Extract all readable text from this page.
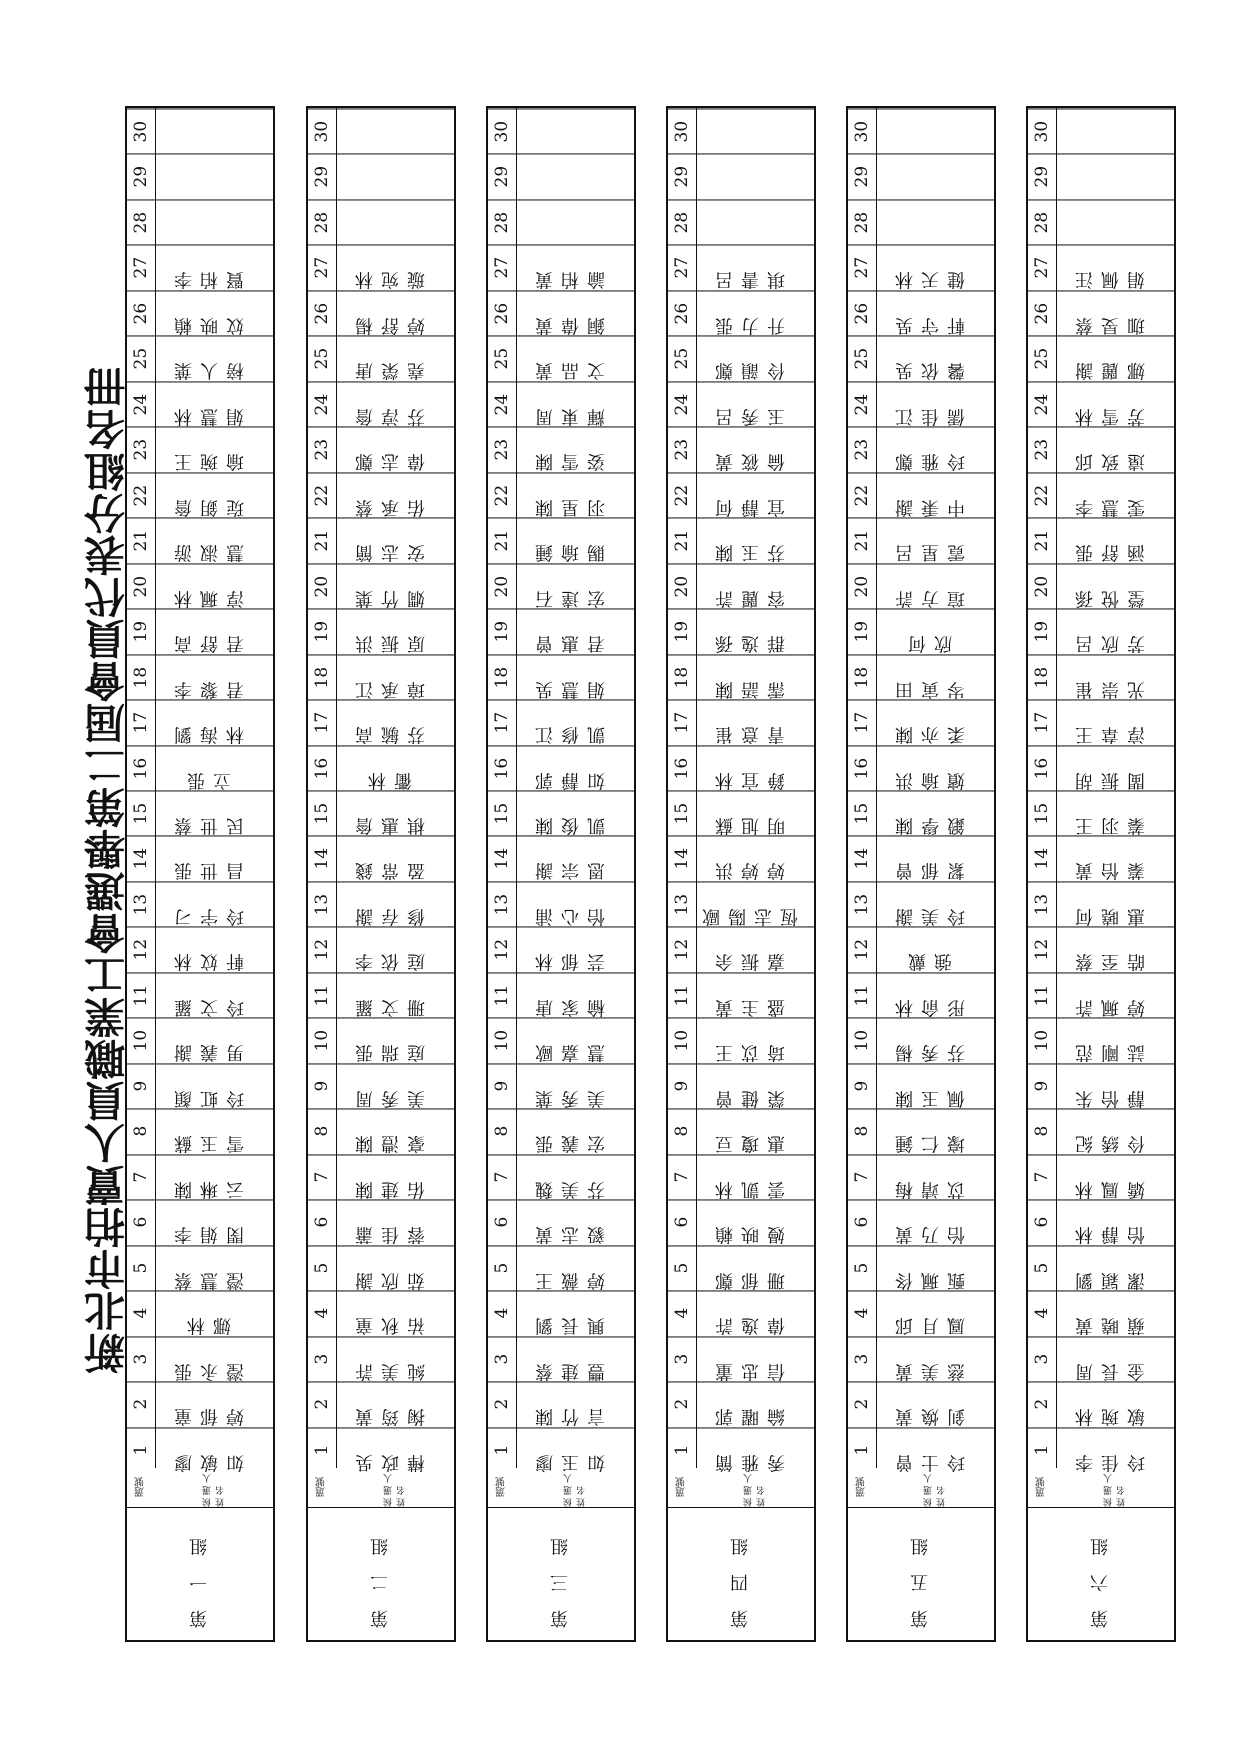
新北市拍賣人員職業工會選舉第二屆會員代表分組名冊
30
29
28
27	李柏賢
26	賴映妏
25	葉人榜
24	林慧娟
23	王琬瑜
22	詹鈅琁
21	游淑慧
20	林珮淳
19	高舒君
18	李黎君
17	劉海林
16	張立
15	蔡世民
14	張世昌
13	刁宇玲
12	林妏軒
11	羅文玲
10	謝義男
9	顏虹玲
8	蘇玉雪
7	陳琳云
6	李娟閔
5	蔡慧瀅
4	林娜
3	張永瀅
2	童郁婷
1	廖敏如
選號	候選人姓名
第一組
30
29
28
27	林宛璇
26	楊舒婷
25	唐榮堯
24	詹淳芬
23	鄭志偉
22	蔡承佑
21	簡志安
20	葉竹嫺
19	洪振原
18	江承璋
17	高毓芬
16	林衢
15	詹惠棋
14	錢常盈
13	謝存修
12	李依庭
11	羅文珊
10	張瑞庭
9	周秀美
8	陳澧豪
7	陳建佑
6	蕭佳蓉
5	謝欣茹
4	童秋祐
3	許美純
2	黃筠掬
1	吳政樺
選號	候選人姓名
第二組
30
29
28
27	黃柏諭
26	黃偉銅
25	黃品文
24	周東輝
23	陳雪姿
22	陳星羽
21	鍾瑜賜
20	石達宏
19	曾惠君
18	吳慧娟
17	江修凱
16	郭靜如
15	陳俊凱
14	謝宗恩
13	浦心怡
12	林郁芸
11	唐家榆
10	歐嘉慧
9	葉秀美
8	張義宏
7	魏美芬
6	黃志毅
5	王薇婷
4	劉長興
3	蔡建豐
2	陳竹言
1	廖玉如
選號	候選人姓名
第三組
30
29
28
27	呂書琪
26	張力升
25	鄭韻伶
24	呂秀玉
23	黃筱倫
22	何靜宜
21	陳玉芬
20	許麗容
19	孫逸群
18	陳語霈
17	崔意青
16	林宜錚
15	蘇旭明
14	洪婷婷
13 歐陽志恆
12	余振嘉
11	黃主盛
10	王苡琦
9	曾健榮
8	豆瓊惠
7	林凱雲
6	賴映嫚
5	鄭郁珊
4	許逸偉
3	董忠信
2	郭曜綸
1	簡雅秀
選號	候選人姓名
第四組
30
29
28
27	林天健
26	吳守軒
25	吳依馨
24	江佳儒
23	鄭雅玲
22	謝秉中
21	呂星霓
20	許方瑄
19	何欣
18	田寅岑
17	陳亦柔
16	洪瑜嬪
15	陳學鍛
14	曾郁絜
13	謝美玲
12	戴強
11	林俞彤
10	楊秀芬
9	陳玉佩
8	鍾仁壕
7	梅靖苡
6	黃乃怡
5	佟珮甄
4	邱月鳳
3	黃美慈
2	黃煥釗
1	曾士玲
選號	候選人姓名
第五組
30
29
28
27	汪佩娟
26	蔡旻珈
25	謝麗娜
24	林雪芳
23	邱致遠
22	李慧雯
21	張舒涵
20	孫悅瑩
19	呂欣芳
18	崔崇光
17	王韋淳
16	胡振閩
15	王羽蓁
14	黃怡蓁
13	何曉惠
12	蔡至皓
11	許珮婷
10	范剛誌
9	朱怡靜
8	紀綉伶
7	林鳳嬌
6	林靜怡
5	劉穎潔
4	黃曉蘋
3	周長金
2	林琬敏
1	李佳玲
選號	候選人姓名
第六組
